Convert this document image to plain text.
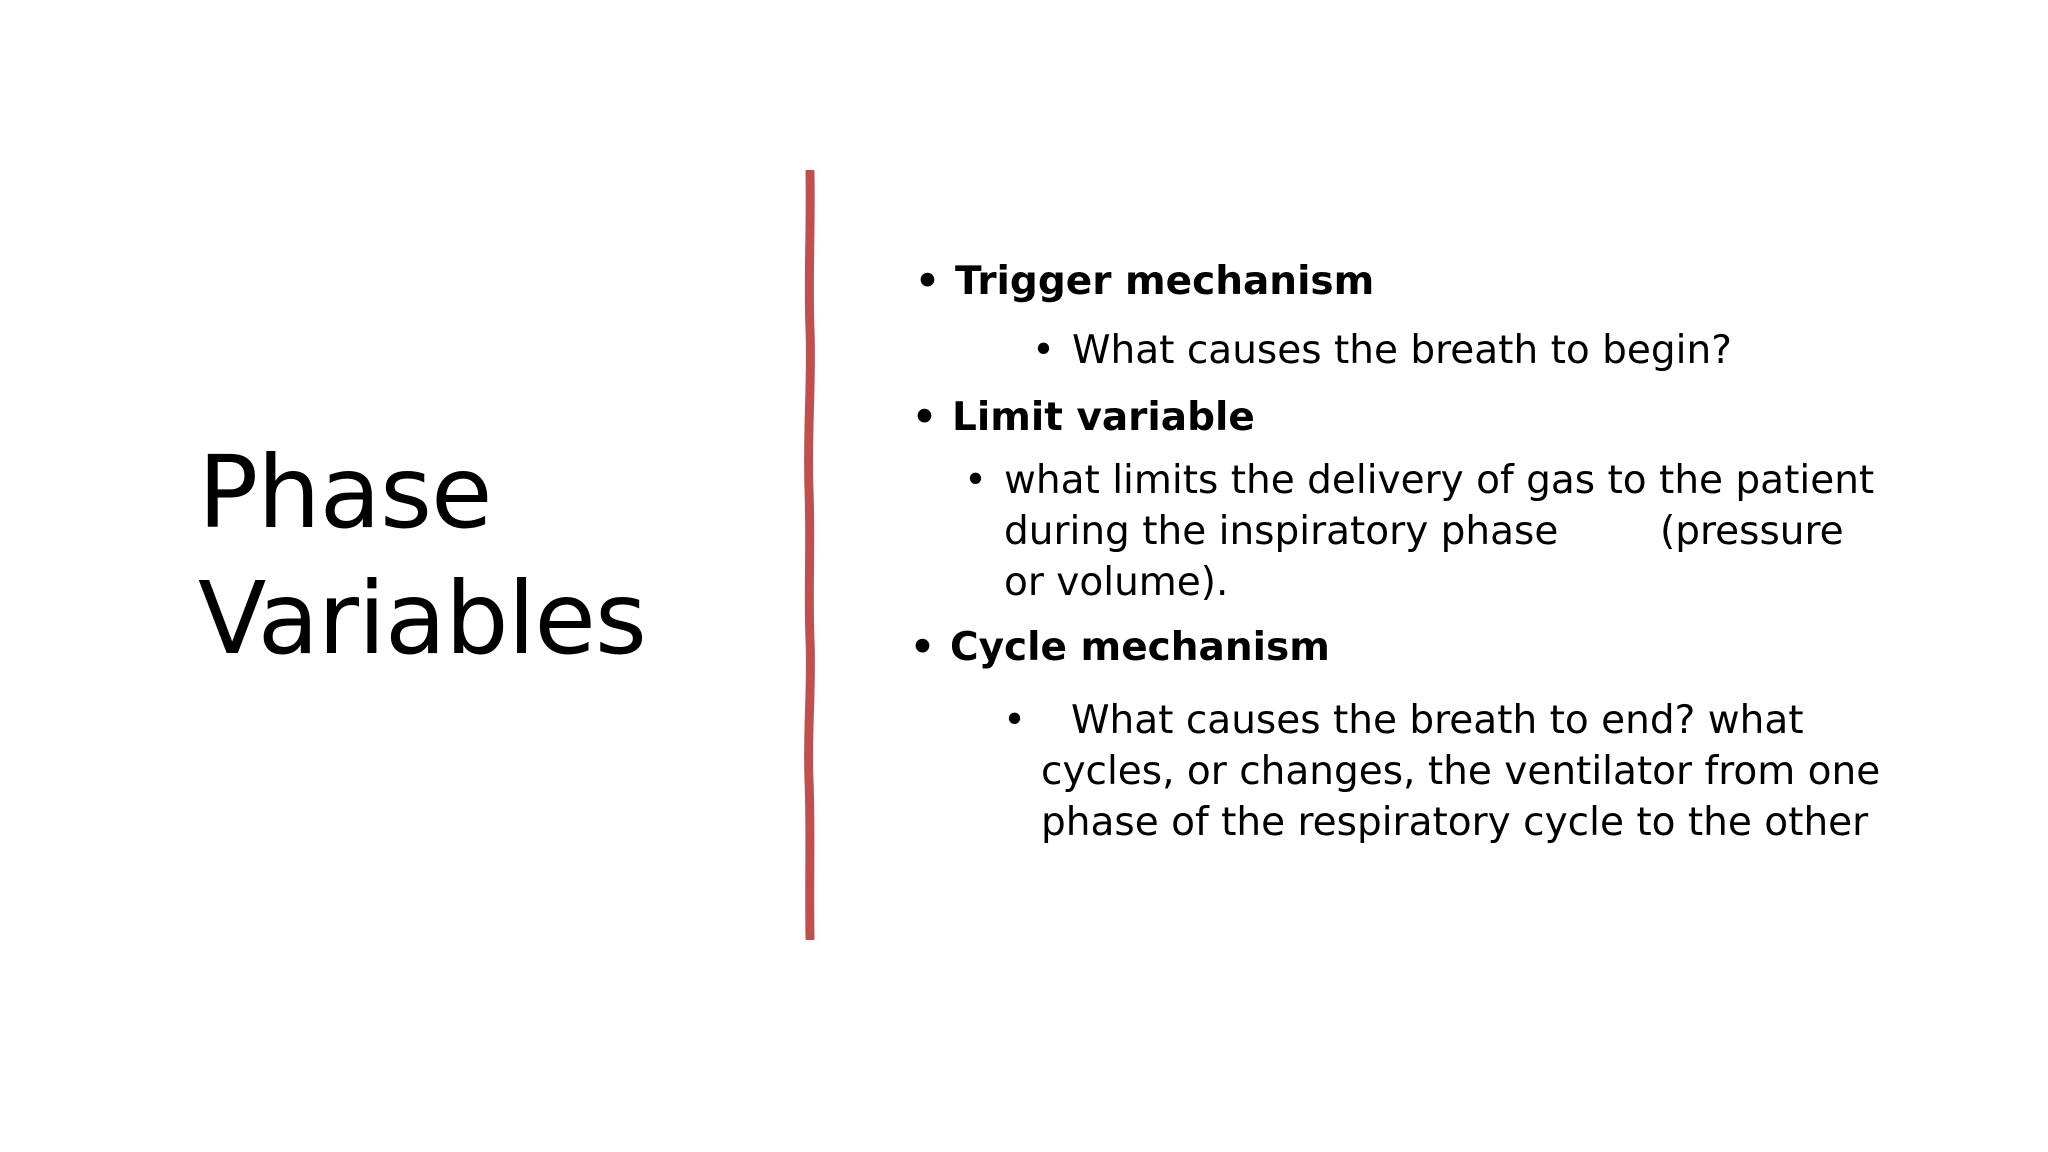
Phase
Variables
• Trigger mechanism
• What causes the breath to begin?
• Limit variable
• what limits the delivery of gas to the patient
during the inspiratory phase	(pressure
or volume).
• Cycle mechanism
•	What causes the breath to end? what
cycles, or changes, the ventilator from one
phase of the respiratory cycle to the other
